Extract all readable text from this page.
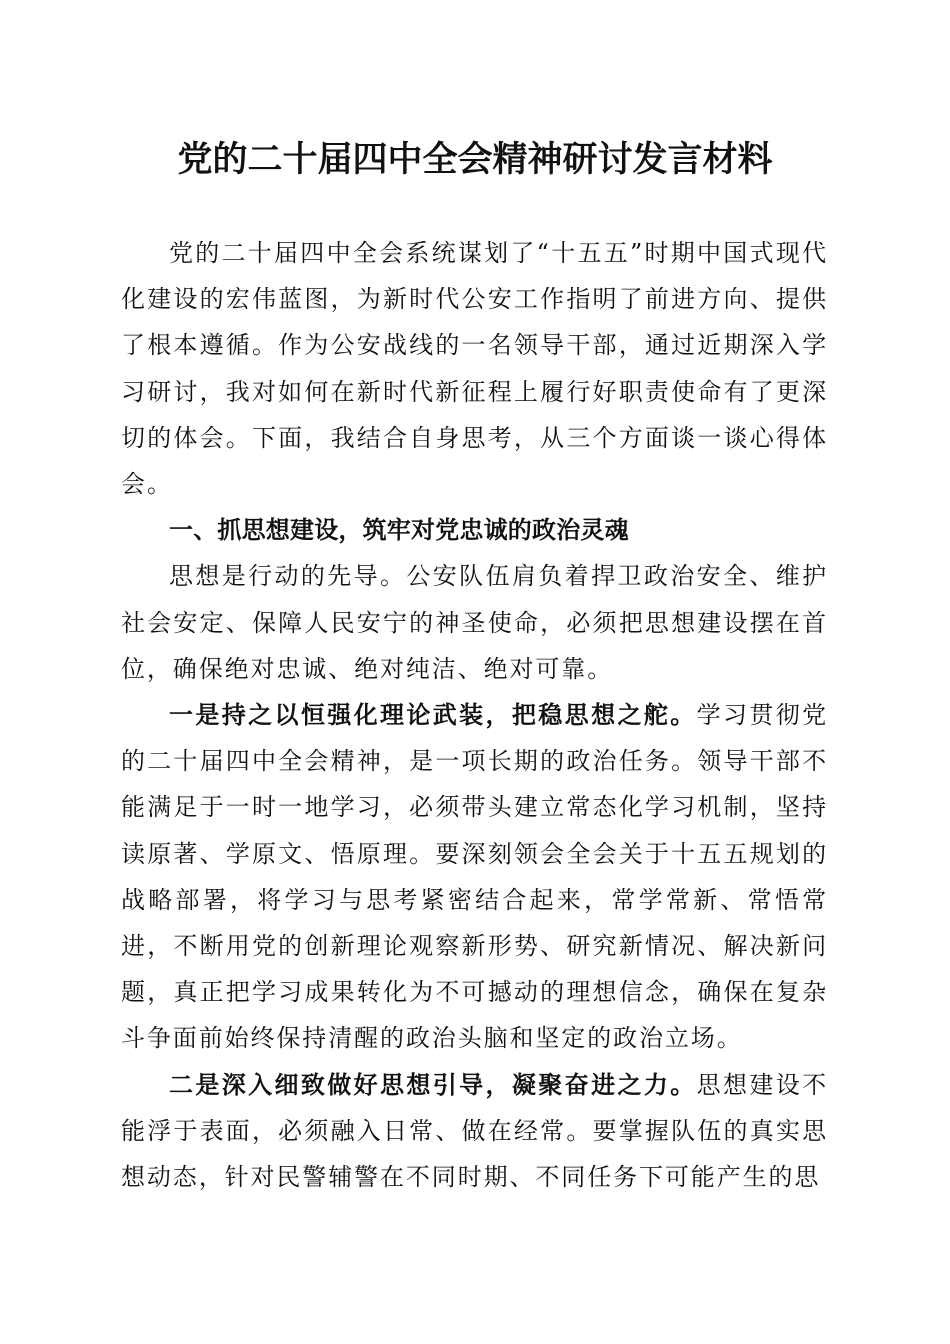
党的二十届四中全会精神研讨发言材料

党的二十届四中全会系统谋划了“十五五”时期中国式现代化建设的宏伟蓝图，为新时代公安工作指明了前进方向、提供了根本遵循。作为公安战线的一名领导干部，通过近期深入学习研讨，我对如何在新时代新征程上履行好职责使命有了更深切的体会。下面，我结合自身思考，从三个方面谈一谈心得体会。

一、抓思想建设，筑牢对党忠诚的政治灵魂

思想是行动的先导。公安队伍肩负着捍卫政治安全、维护社会安定、保障人民安宁的神圣使命，必须把思想建设摆在首位，确保绝对忠诚、绝对纯洁、绝对可靠。

一是持之以恒强化理论武装，把稳思想之舵。学习贯彻党的二十届四中全会精神，是一项长期的政治任务。领导干部不能满足于一时一地学习，必须带头建立常态化学习机制，坚持读原著、学原文、悟原理。要深刻领会全会关于十五五规划的战略部署，将学习与思考紧密结合起来，常学常新、常悟常进，不断用党的创新理论观察新形势、研究新情况、解决新问题，真正把学习成果转化为不可撼动的理想信念，确保在复杂斗争面前始终保持清醒的政治头脑和坚定的政治立场。

二是深入细致做好思想引导，凝聚奋进之力。思想建设不能浮于表面，必须融入日常、做在经常。要掌握队伍的真实思想动态，针对民警辅警在不同时期、不同任务下可能产生的思
